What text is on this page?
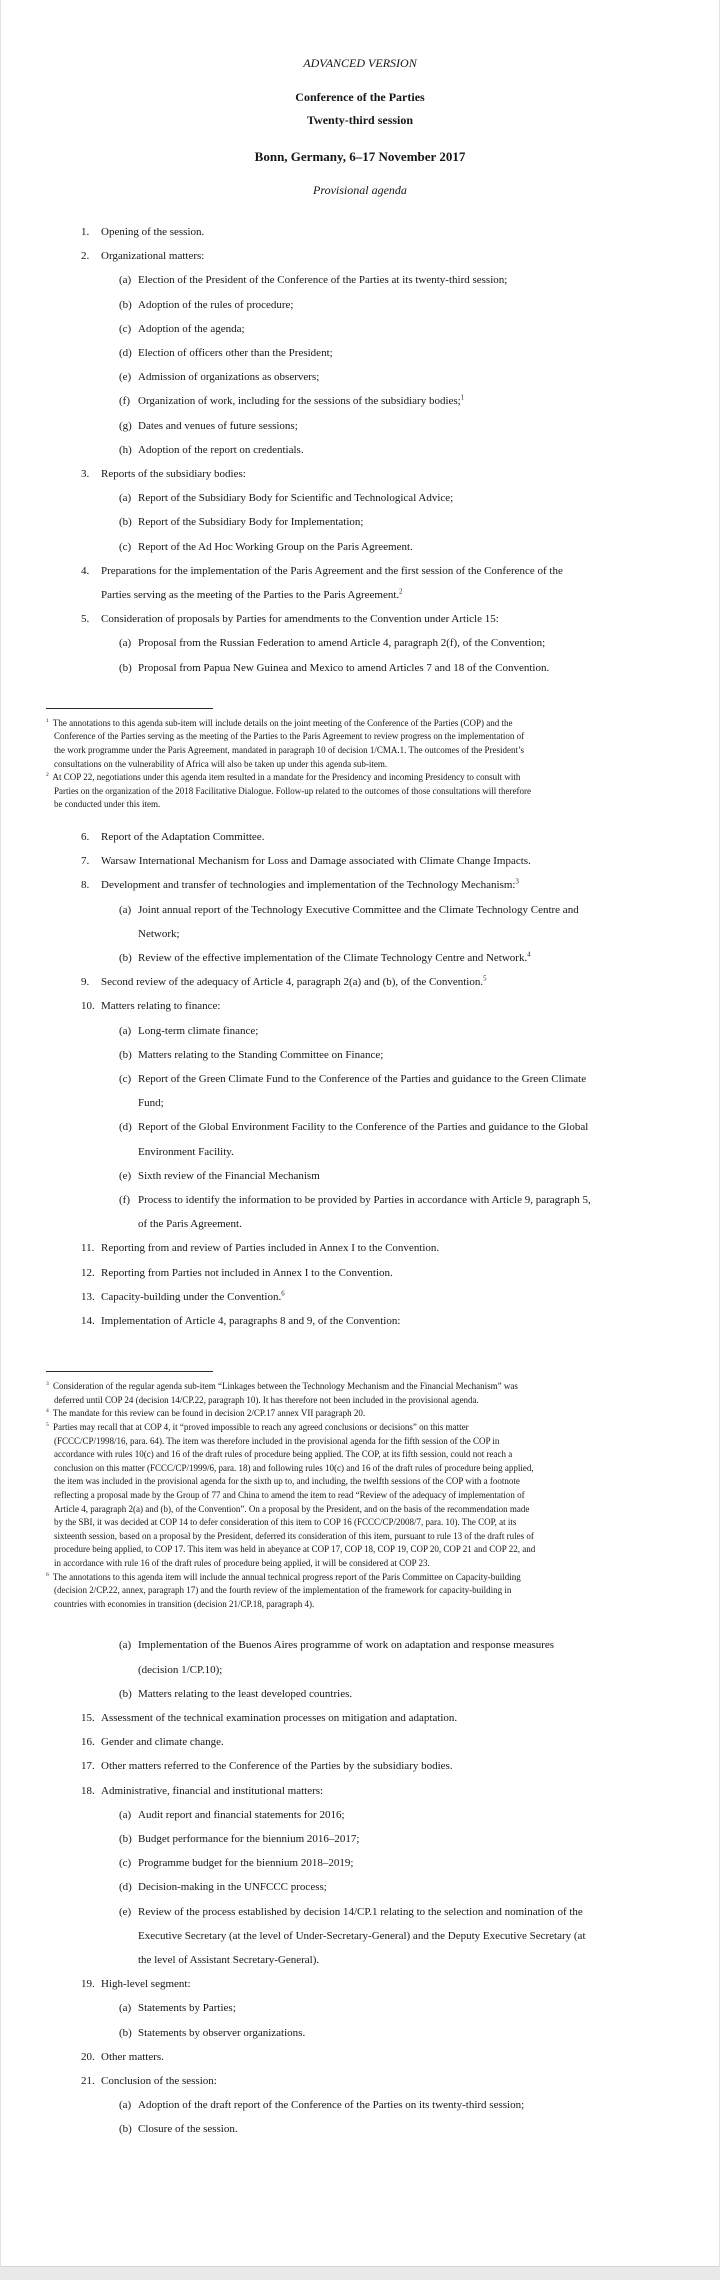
ADVANCED VERSION
Conference of the Parties
Twenty-third session
Bonn, Germany, 6–17 November 2017
Provisional agenda
1. Opening of the session.
2. Organizational matters:
(a) Election of the President of the Conference of the Parties at its twenty-third session;
(b) Adoption of the rules of procedure;
(c) Adoption of the agenda;
(d) Election of officers other than the President;
(e) Admission of organizations as observers;
(f) Organization of work, including for the sessions of the subsidiary bodies;$^1$
(g) Dates and venues of future sessions;
(h) Adoption of the report on credentials.
3. Reports of the subsidiary bodies:
(a) Report of the Subsidiary Body for Scientific and Technological Advice;
(b) Report of the Subsidiary Body for Implementation;
(c) Report of the Ad Hoc Working Group on the Paris Agreement.
4. Preparations for the implementation of the Paris Agreement and the first session of the Conference of the Parties serving as the meeting of the Parties to the Paris Agreement.$^2$
5. Consideration of proposals by Parties for amendments to the Convention under Article 15:
(a) Proposal from the Russian Federation to amend Article 4, paragraph 2(f), of the Convention;
(b) Proposal from Papua New Guinea and Mexico to amend Articles 7 and 18 of the Convention.
$^1$ The annotations to this agenda sub-item will include details on the joint meeting of the Conference of the Parties (COP) and the Conference of the Parties serving as the meeting of the Parties to the Paris Agreement to review progress on the implementation of the work programme under the Paris Agreement, mandated in paragraph 10 of decision 1/CMA.1. The outcomes of the President’s consultations on the vulnerability of Africa will also be taken up under this agenda sub-item.
$^2$ At COP 22, negotiations under this agenda item resulted in a mandate for the Presidency and incoming Presidency to consult with Parties on the organization of the 2018 Facilitative Dialogue. Follow-up related to the outcomes of those consultations will therefore be conducted under this item.
6. Report of the Adaptation Committee.
7. Warsaw International Mechanism for Loss and Damage associated with Climate Change Impacts.
8. Development and transfer of technologies and implementation of the Technology Mechanism:$^3$
(a) Joint annual report of the Technology Executive Committee and the Climate Technology Centre and Network;
(b) Review of the effective implementation of the Climate Technology Centre and Network.$^4$
9. Second review of the adequacy of Article 4, paragraph 2(a) and (b), of the Convention.$^5$
10. Matters relating to finance:
(a) Long-term climate finance;
(b) Matters relating to the Standing Committee on Finance;
(c) Report of the Green Climate Fund to the Conference of the Parties and guidance to the Green Climate Fund;
(d) Report of the Global Environment Facility to the Conference of the Parties and guidance to the Global Environment Facility.
(e) Sixth review of the Financial Mechanism
(f) Process to identify the information to be provided by Parties in accordance with Article 9, paragraph 5, of the Paris Agreement.
11. Reporting from and review of Parties included in Annex I to the Convention.
12. Reporting from Parties not included in Annex I to the Convention.
13. Capacity-building under the Convention.$^6$
14. Implementation of Article 4, paragraphs 8 and 9, of the Convention:
$^3$ Consideration of the regular agenda sub-item “Linkages between the Technology Mechanism and the Financial Mechanism” was deferred until COP 24 (decision 14/CP.22, paragraph 10). It has therefore not been included in the provisional agenda.
$^4$ The mandate for this review can be found in decision 2/CP.17 annex VII paragraph 20.
$^5$ Parties may recall that at COP 4, it “proved impossible to reach any agreed conclusions or decisions” on this matter (FCCC/CP/1998/16, para. 64). The item was therefore included in the provisional agenda for the fifth session of the COP in accordance with rules 10(c) and 16 of the draft rules of procedure being applied. The COP, at its fifth session, could not reach a conclusion on this matter (FCCC/CP/1999/6, para. 18) and following rules 10(c) and 16 of the draft rules of procedure being applied, the item was included in the provisional agenda for the sixth up to, and including, the twelfth sessions of the COP with a footnote reflecting a proposal made by the Group of 77 and China to amend the item to read “Review of the adequacy of implementation of Article 4, paragraph 2(a) and (b), of the Convention”. On a proposal by the President, and on the basis of the recommendation made by the SBI, it was decided at COP 14 to defer consideration of this item to COP 16 (FCCC/CP/2008/7, para. 10). The COP, at its sixteenth session, based on a proposal by the President, deferred its consideration of this item, pursuant to rule 13 of the draft rules of procedure being applied, to COP 17. This item was held in abeyance at COP 17, COP 18, COP 19, COP 20, COP 21 and COP 22, and in accordance with rule 16 of the draft rules of procedure being applied, it will be considered at COP 23.
$^6$ The annotations to this agenda item will include the annual technical progress report of the Paris Committee on Capacity-building (decision 2/CP.22, annex, paragraph 17) and the fourth review of the implementation of the framework for capacity-building in countries with economies in transition (decision 21/CP.18, paragraph 4).
(a) Implementation of the Buenos Aires programme of work on adaptation and response measures (decision 1/CP.10);
(b) Matters relating to the least developed countries.
15. Assessment of the technical examination processes on mitigation and adaptation.
16. Gender and climate change.
17. Other matters referred to the Conference of the Parties by the subsidiary bodies.
18. Administrative, financial and institutional matters:
(a) Audit report and financial statements for 2016;
(b) Budget performance for the biennium 2016–2017;
(c) Programme budget for the biennium 2018–2019;
(d) Decision-making in the UNFCCC process;
(e) Review of the process established by decision 14/CP.1 relating to the selection and nomination of the Executive Secretary (at the level of Under-Secretary-General) and the Deputy Executive Secretary (at the level of Assistant Secretary-General).
19. High-level segment:
(a) Statements by Parties;
(b) Statements by observer organizations.
20. Other matters.
21. Conclusion of the session:
(a) Adoption of the draft report of the Conference of the Parties on its twenty-third session;
(b) Closure of the session.
